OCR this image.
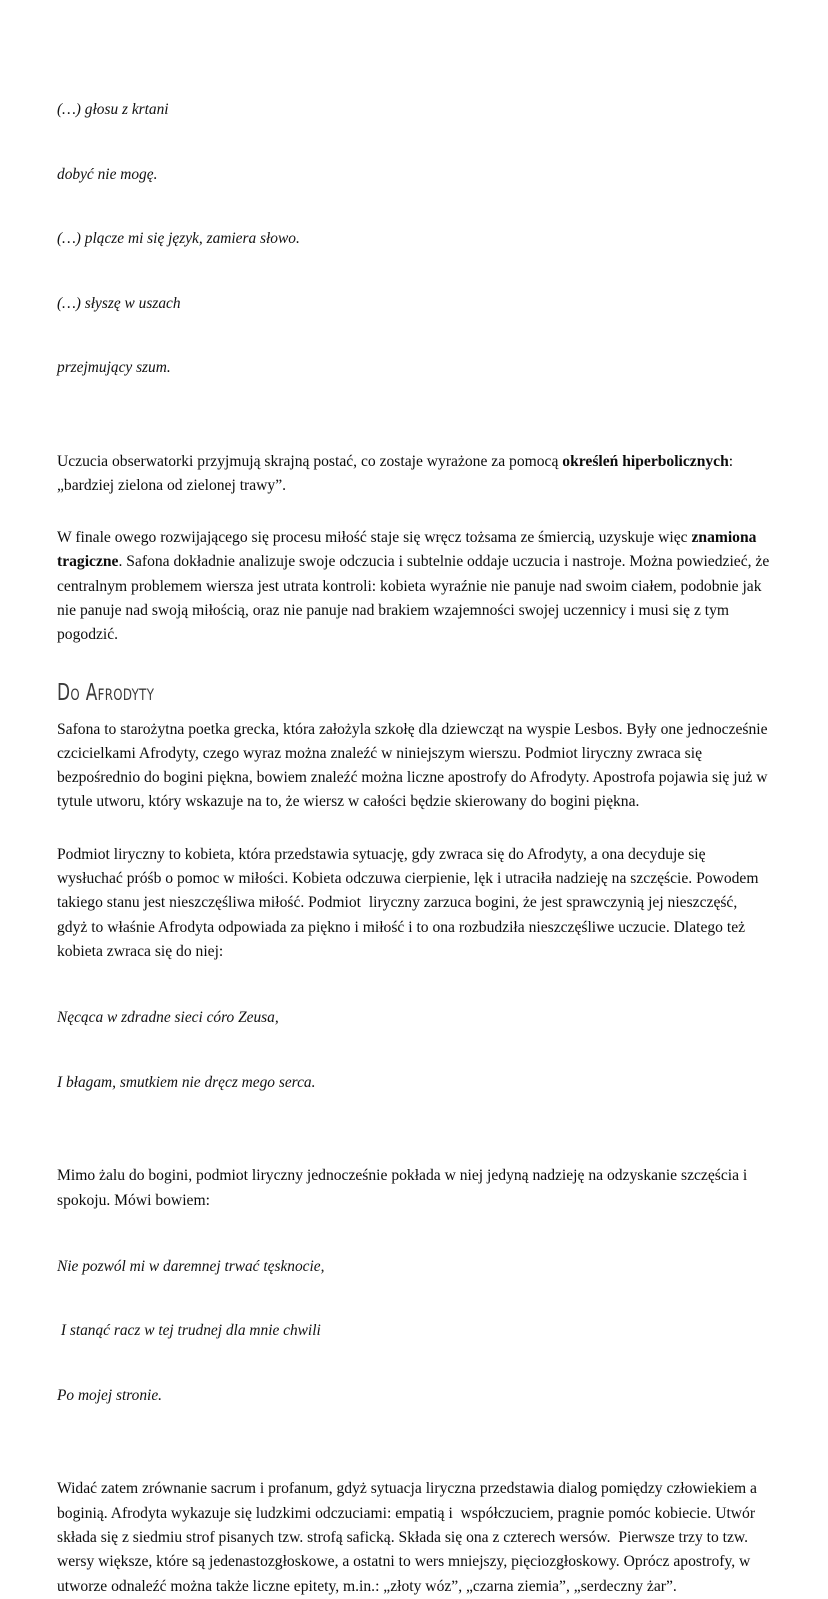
(…) głosu z krtani

dobyć nie mogę.

(…) plącze mi się język, zamiera słowo.

(…) słyszę w uszach

przejmujący szum.

Uczucia obserwatorki przyjmują skrajną postać, co zostaje wyrażone za pomocą określeń hiperbolicznych: „bardziej zielona od zielonej trawy”.

W finale owego rozwijającego się procesu miłość staje się wręcz tożsama ze śmiercią, uzyskuje więc znamiona tragiczne. Safona dokładnie analizuje swoje odczucia i subtelnie oddaje uczucia i nastroje. Można powiedzieć, że centralnym problemem wiersza jest utrata kontroli: kobieta wyraźnie nie panuje nad swoim ciałem, podobnie jak nie panuje nad swoją miłością, oraz nie panuje nad brakiem wzajemności swojej uczennicy i musi się z tym pogodzić.

Do Afrodyty

Safona to starożytna poetka grecka, która założyla szkołę dla dziewcząt na wyspie Lesbos. Były one jednocześnie czcicielkami Afrodyty, czego wyraz można znaleźć w niniejszym wierszu. Podmiot liryczny zwraca się bezpośrednio do bogini piękna, bowiem znaleźć można liczne apostrofy do Afrodyty. Apostrofa pojawia się już w tytule utworu, który wskazuje na to, że wiersz w całości będzie skierowany do bogini piękna.

Podmiot liryczny to kobieta, która przedstawia sytuację, gdy zwraca się do Afrodyty, a ona decyduje się wysłuchać próśb o pomoc w miłości. Kobieta odczuwa cierpienie, lęk i utraciła nadzieję na szczęście. Powodem takiego stanu jest nieszczęśliwa miłość. Podmiot  liryczny zarzuca bogini, że jest sprawczynią jej nieszczęść, gdyż to właśnie Afrodyta odpowiada za piękno i miłość i to ona rozbudziła nieszczęśliwe uczucie. Dlatego też kobieta zwraca się do niej:

Nęcąca w zdradne sieci córo Zeusa,

I błagam, smutkiem nie dręcz mego serca.

Mimo żalu do bogini, podmiot liryczny jednocześnie pokłada w niej jedyną nadzieję na odzyskanie szczęścia i spokoju. Mówi bowiem:

Nie pozwól mi w daremnej trwać tęsknocie,

I stanąć racz w tej trudnej dla mnie chwili

Po mojej stronie.

Widać zatem zrównanie sacrum i profanum, gdyż sytuacja liryczna przedstawia dialog pomiędzy człowiekiem a boginią. Afrodyta wykazuje się ludzkimi odczuciami: empatią i  współczuciem, pragnie pomóc kobiecie. Utwór składa się z siedmiu strof pisanych tzw. strofą saficką. Składa się ona z czterech wersów.  Pierwsze trzy to tzw. wersy większe, które są jedenastozgłoskowe, a ostatni to wers mniejszy, pięciozgłoskowy. Oprócz apostrofy, w utworze odnaleźć można także liczne epitety, m.in.: „złoty wóz”, „czarna ziemia”, „serdeczny żar”.
